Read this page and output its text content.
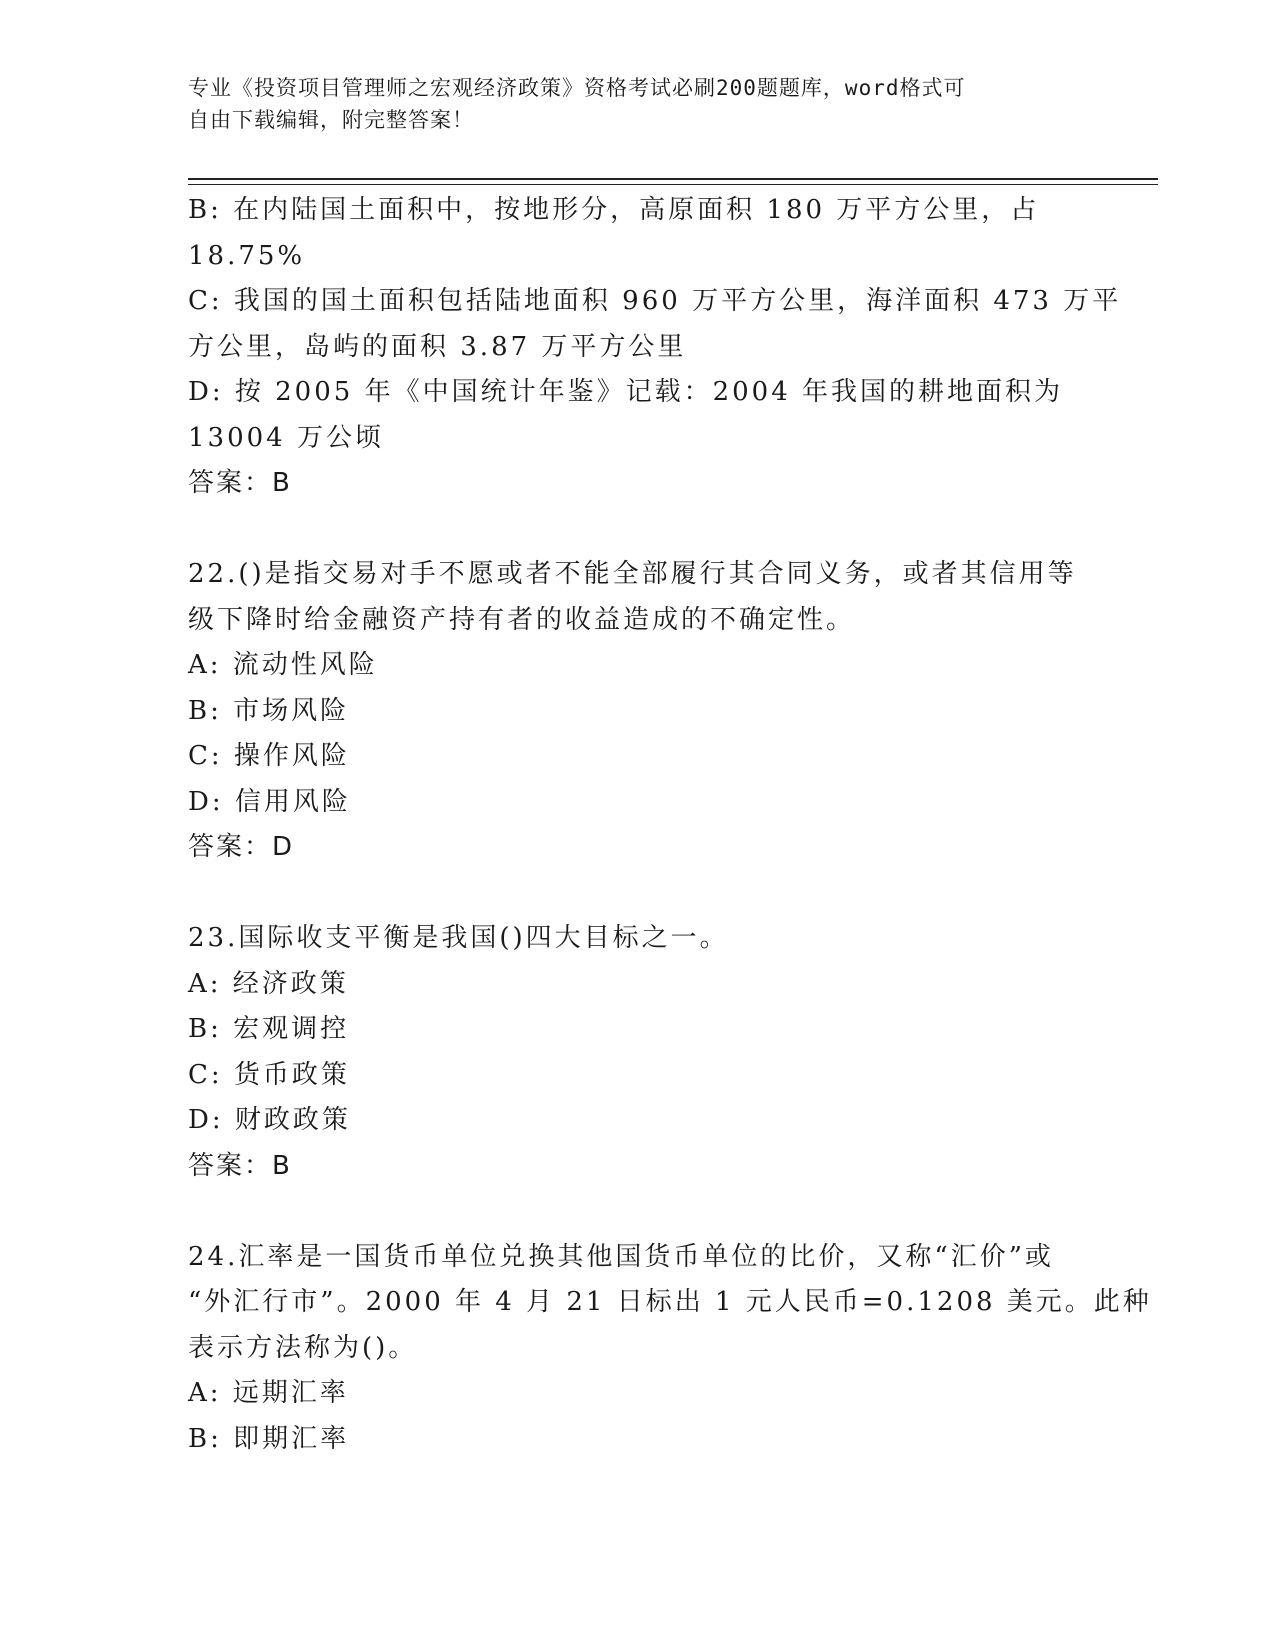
专业《投资项目管理师之宏观经济政策》资格考试必刷200题题库，word格式可
自由下载编辑，附完整答案！
B: 在内陆国土面积中，按地形分，高原面积 180 万平方公里，占
18.75%
C: 我国的国土面积包括陆地面积 960 万平方公里，海洋面积 473 万平
方公里，岛屿的面积 3.87 万平方公里
D: 按 2005 年《中国统计年鉴》记载：2004 年我国的耕地面积为
13004 万公顷
答案：B
22.()是指交易对手不愿或者不能全部履行其合同义务，或者其信用等
级下降时给金融资产持有者的收益造成的不确定性。
A: 流动性风险
B: 市场风险
C: 操作风险
D: 信用风险
答案：D
23.国际收支平衡是我国()四大目标之一。
A: 经济政策
B: 宏观调控
C: 货币政策
D: 财政政策
答案：B
24.汇率是一国货币单位兑换其他国货币单位的比价，又称“汇价”或
“外汇行市”。2000 年 4 月 21 日标出 1 元人民币=0.1208 美元。此种
表示方法称为()。
A: 远期汇率
B: 即期汇率
